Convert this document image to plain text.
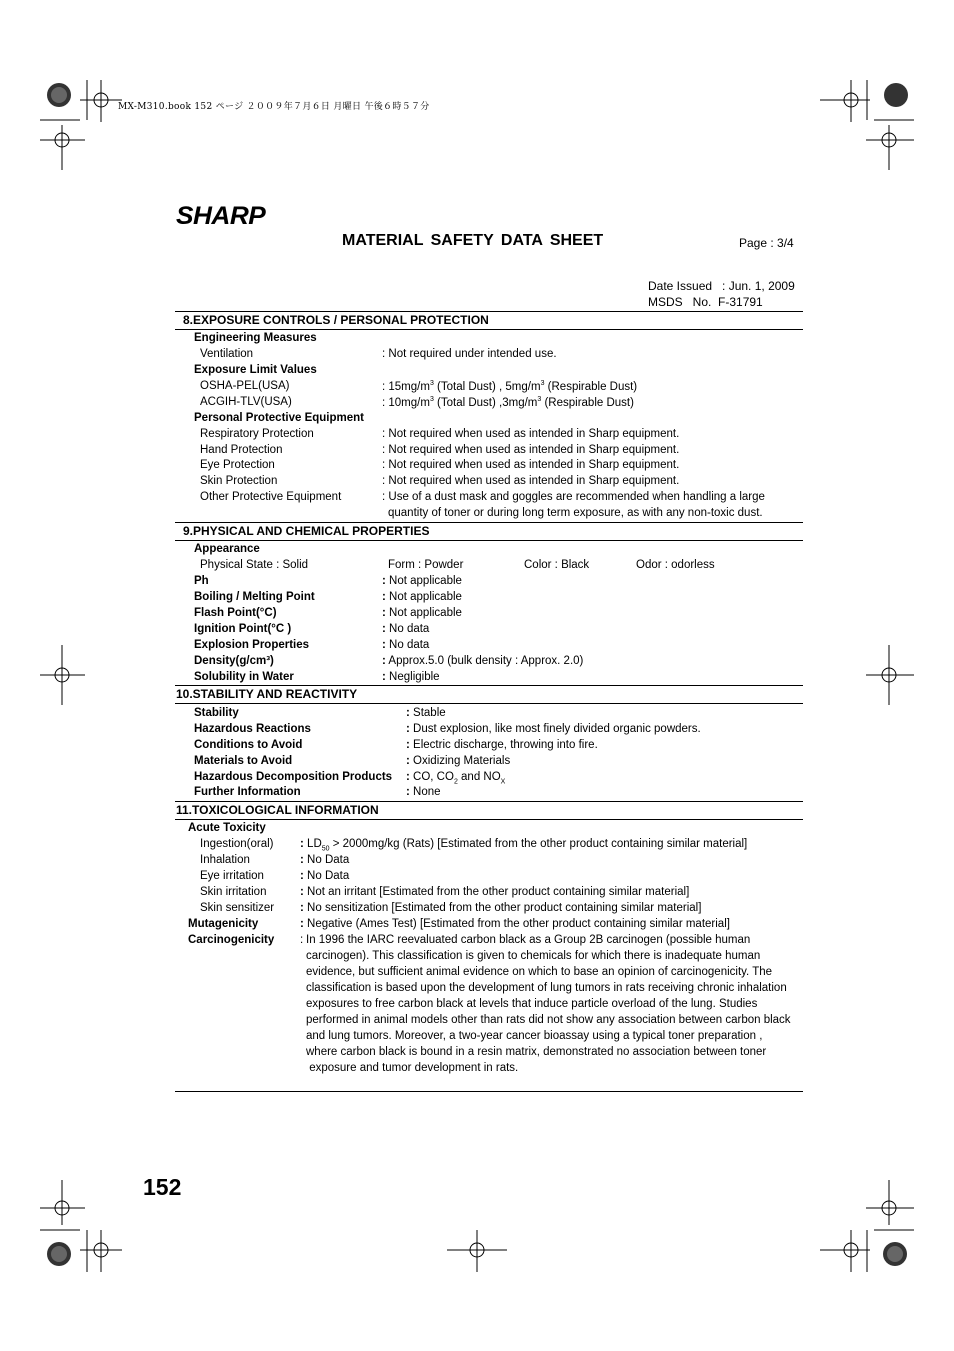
MX-M310.book 152 ページ ２００９年７月６日 月曜日 午後６時５７分
SHARP
MATERIAL SAFETY DATA SHEET	Page : 3/4
Date Issued   : Jun. 1, 2009
MSDS   No.  F-31791
8.EXPOSURE CONTROLS / PERSONAL PROTECTION
Engineering Measures
Ventilation	: Not required under intended use.
Exposure Limit Values
OSHA-PEL(USA)	: $15mg/m^3$ (Total Dust) , $5mg/m^3$ (Respirable Dust)
ACGIH-TLV(USA)	: $10mg/m^3$ (Total Dust) $,3mg/m^3$ (Respirable Dust)
Personal Protective Equipment
Respiratory Protection	: Not required when used as intended in Sharp equipment.
Hand Protection	: Not required when used as intended in Sharp equipment.
Eye Protection	: Not required when used as intended in Sharp equipment.
Skin Protection	: Not required when used as intended in Sharp equipment.
Other Protective Equipment	: Use of a dust mask and goggles are recommended when handling a large
quantity of toner or during long term exposure, as with any non-toxic dust.
9.PHYSICAL AND CHEMICAL PROPERTIES
Appearance
Physical State : Solid	Form : Powder	Color : Black	Odor : odorless
Ph	: Not applicable
Boiling / Melting Point	: Not applicable
Flash Point(°C)	: Not applicable
Ignition Point(°C )	: No data
Explosion Properties	: No data
Density(g/cm³)	: Approx.5.0 (bulk density : Approx. 2.0)
Solubility in Water	: Negligible
10.STABILITY AND REACTIVITY
Stability	: Stable
Hazardous Reactions	: Dust explosion, like most finely divided organic powders.
Conditions to Avoid	: Electric discharge, throwing into fire.
Materials to Avoid	: Oxidizing Materials
Hazardous Decomposition Products : CO, $CO_2$ and $NO_X$
Further Information	: None
11.TOXICOLOGICAL INFORMATION
Acute Toxicity
Ingestion(oral) : $LD_{50} > 2000mg/kg$ (Rats) [Estimated from the other product containing similar material]
Inhalation	: No Data
Eye irritation	: No Data
Skin irritation	: Not an irritant [Estimated from the other product containing similar material]
Skin sensitizer : No sensitization [Estimated from the other product containing similar material]
Mutagenicity	: Negative (Ames Test) [Estimated from the other product containing similar material]
Carcinogenicity : In 1996 the IARC reevaluated carbon black as a Group 2B carcinogen (possible human
carcinogen). This classification is given to chemicals for which there is inadequate human
evidence, but sufficient animal evidence on which to base an opinion of carcinogenicity. The
classification is based upon the development of lung tumors in rats receiving chronic inhalation
exposures to free carbon black at levels that induce particle overload of the lung. Studies
performed in animal models other than rats did not show any association between carbon black
and lung tumors. Moreover, a two-year cancer bioassay using a typical toner preparation ,
where carbon black is bound in a resin matrix, demonstrated no association between toner
exposure and tumor development in rats.
152
